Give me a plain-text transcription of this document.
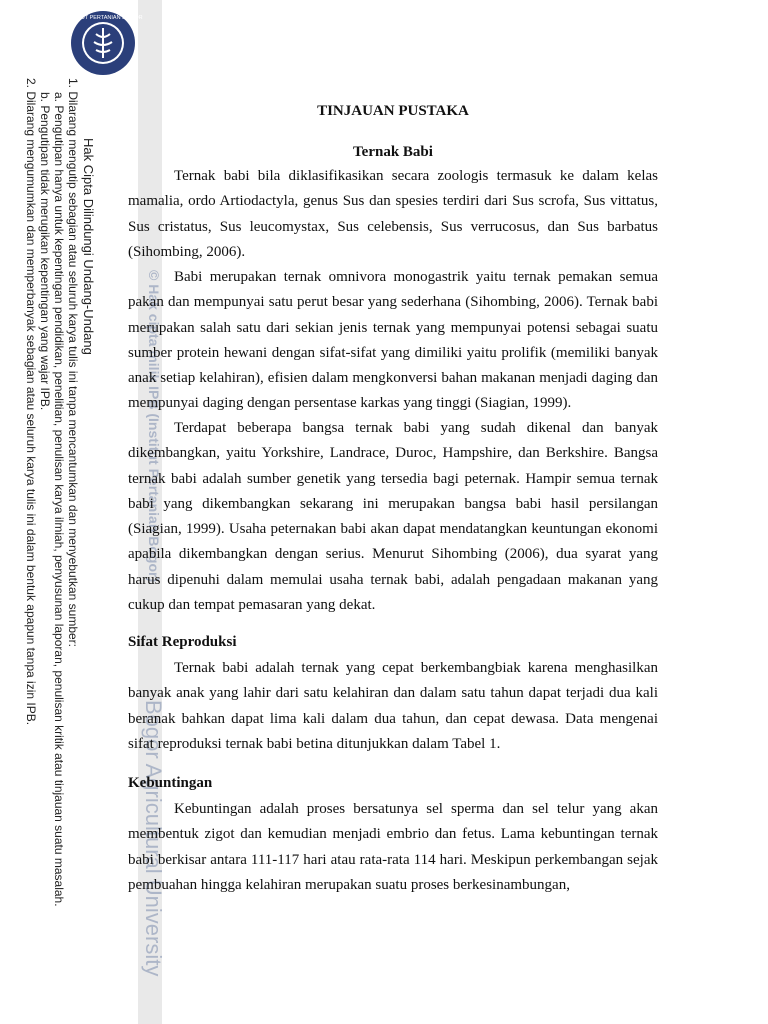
INSTITUT PERTANIAN BOGOR
Hak Cipta Dilindungi Undang-Undang
1. Dilarang mengutip sebagian atau seluruh karya tulis ini tanpa mencantumkan dan menyebutkan sumber:
a. Pengutipan hanya untuk kepentingan pendidikan, penelitian, penulisan karya ilmiah, penyusunan laporan, penulisan kritik atau tinjauan suatu masalah.
b. Pengutipan tidak merugikan kepentingan yang wajar IPB.
2. Dilarang mengumumkan dan memperbanyak sebagian atau seluruh karya tulis ini dalam bentuk apapun tanpa izin IPB.	© Hak cipta milik IPB (Institut Pertanian Bogor)
Bogor Agricultural University
TINJAUAN PUSTAKA
Ternak Babi
Ternak babi bila diklasifikasikan secara zoologis termasuk ke dalam kelas mamalia, ordo Artiodactyla, genus Sus dan spesies terdiri dari Sus scrofa, Sus vittatus, Sus cristatus, Sus leucomystax, Sus celebensis, Sus verrucosus, dan Sus barbatus (Sihombing, 2006).
Babi merupakan ternak omnivora monogastrik yaitu ternak pemakan semua pakan dan mempunyai satu perut besar yang sederhana (Sihombing, 2006). Ternak babi merupakan salah satu dari sekian jenis ternak yang mempunyai potensi sebagai suatu sumber protein hewani dengan sifat-sifat yang dimiliki yaitu prolifik (memiliki banyak anak setiap kelahiran), efisien dalam mengkonversi bahan makanan menjadi daging dan mempunyai daging dengan persentase karkas yang tinggi (Siagian, 1999).
Terdapat beberapa bangsa ternak babi yang sudah dikenal dan banyak dikembangkan, yaitu Yorkshire, Landrace, Duroc, Hampshire, dan Berkshire. Bangsa ternak babi adalah sumber genetik yang tersedia bagi peternak. Hampir semua ternak babi yang dikembangkan sekarang ini merupakan bangsa babi hasil persilangan (Siagian, 1999). Usaha peternakan babi akan dapat mendatangkan keuntungan ekonomi apabila dikembangkan dengan serius. Menurut Sihombing (2006), dua syarat yang harus dipenuhi dalam memulai usaha ternak babi, adalah pengadaan makanan yang cukup dan tempat pemasaran yang dekat.
Sifat Reproduksi
Ternak babi adalah ternak yang cepat berkembangbiak karena menghasilkan banyak anak yang lahir dari satu kelahiran dan dalam satu tahun dapat terjadi dua kali beranak bahkan dapat lima kali dalam dua tahun, dan cepat dewasa. Data mengenai sifat reproduksi ternak babi betina ditunjukkan dalam Tabel 1.
Kebuntingan
Kebuntingan adalah proses bersatunya sel sperma dan sel telur yang akan membentuk zigot dan kemudian menjadi embrio dan fetus. Lama kebuntingan ternak babi berkisar antara 111-117 hari atau rata-rata 114 hari. Meskipun perkembangan sejak pembuahan hingga kelahiran merupakan suatu proses berkesinambungan,
